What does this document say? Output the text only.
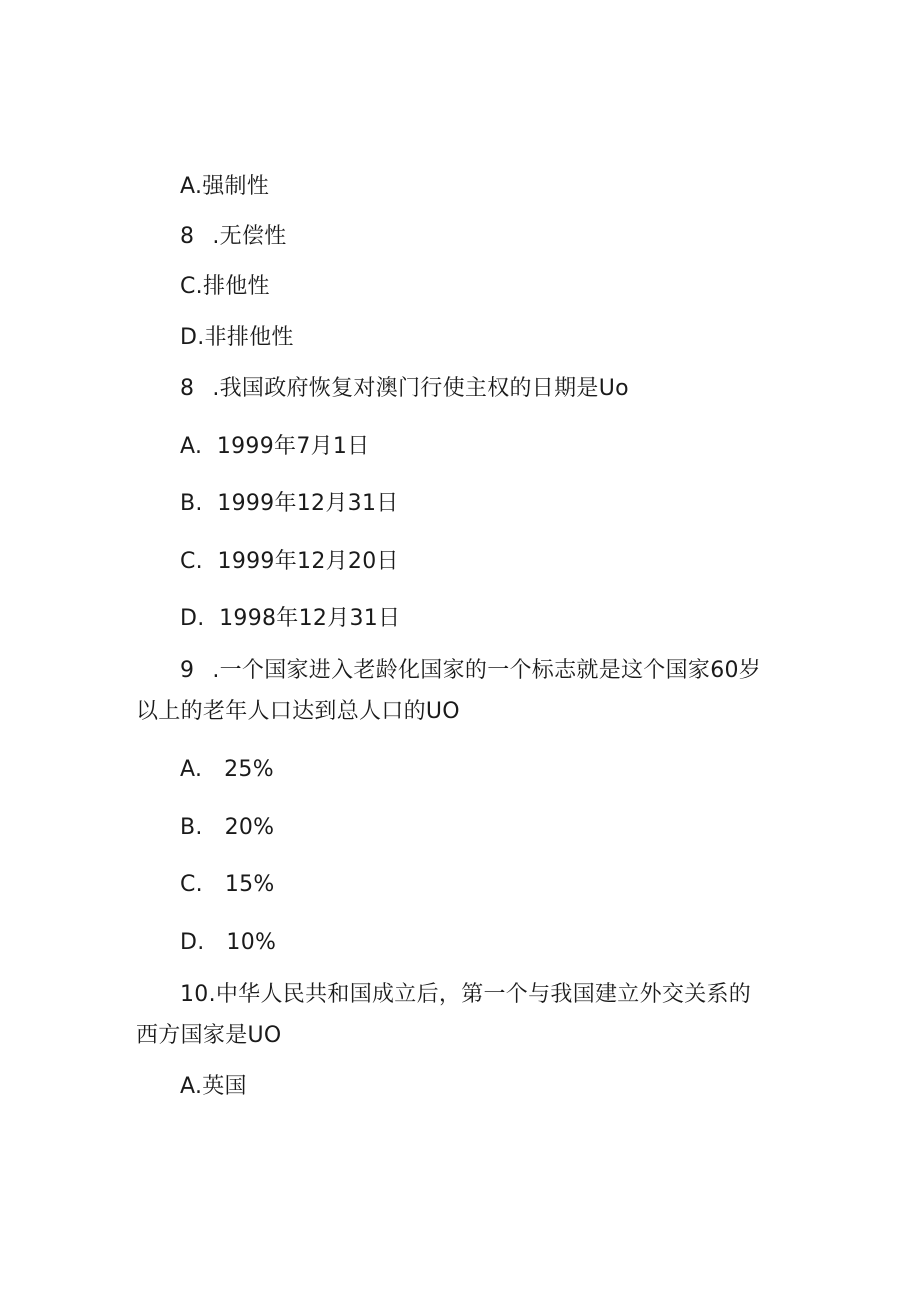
A.强制性
8 .无偿性
C.排他性
D.非排他性
8 .我国政府恢复对澳门行使主权的日期是Uo
A.  1999年7月1日
B.  1999年12月31日
C.  1999年12月20日
D.  1998年12月31日
9 .一个国家进入老龄化国家的一个标志就是这个国家60岁
以上的老年人口达到总人口的UO
A.   25%
B.   20%
C.   15%
D.   10%
10.中华人民共和国成立后，第一个与我国建立外交关系的
西方国家是UO
A.英国
